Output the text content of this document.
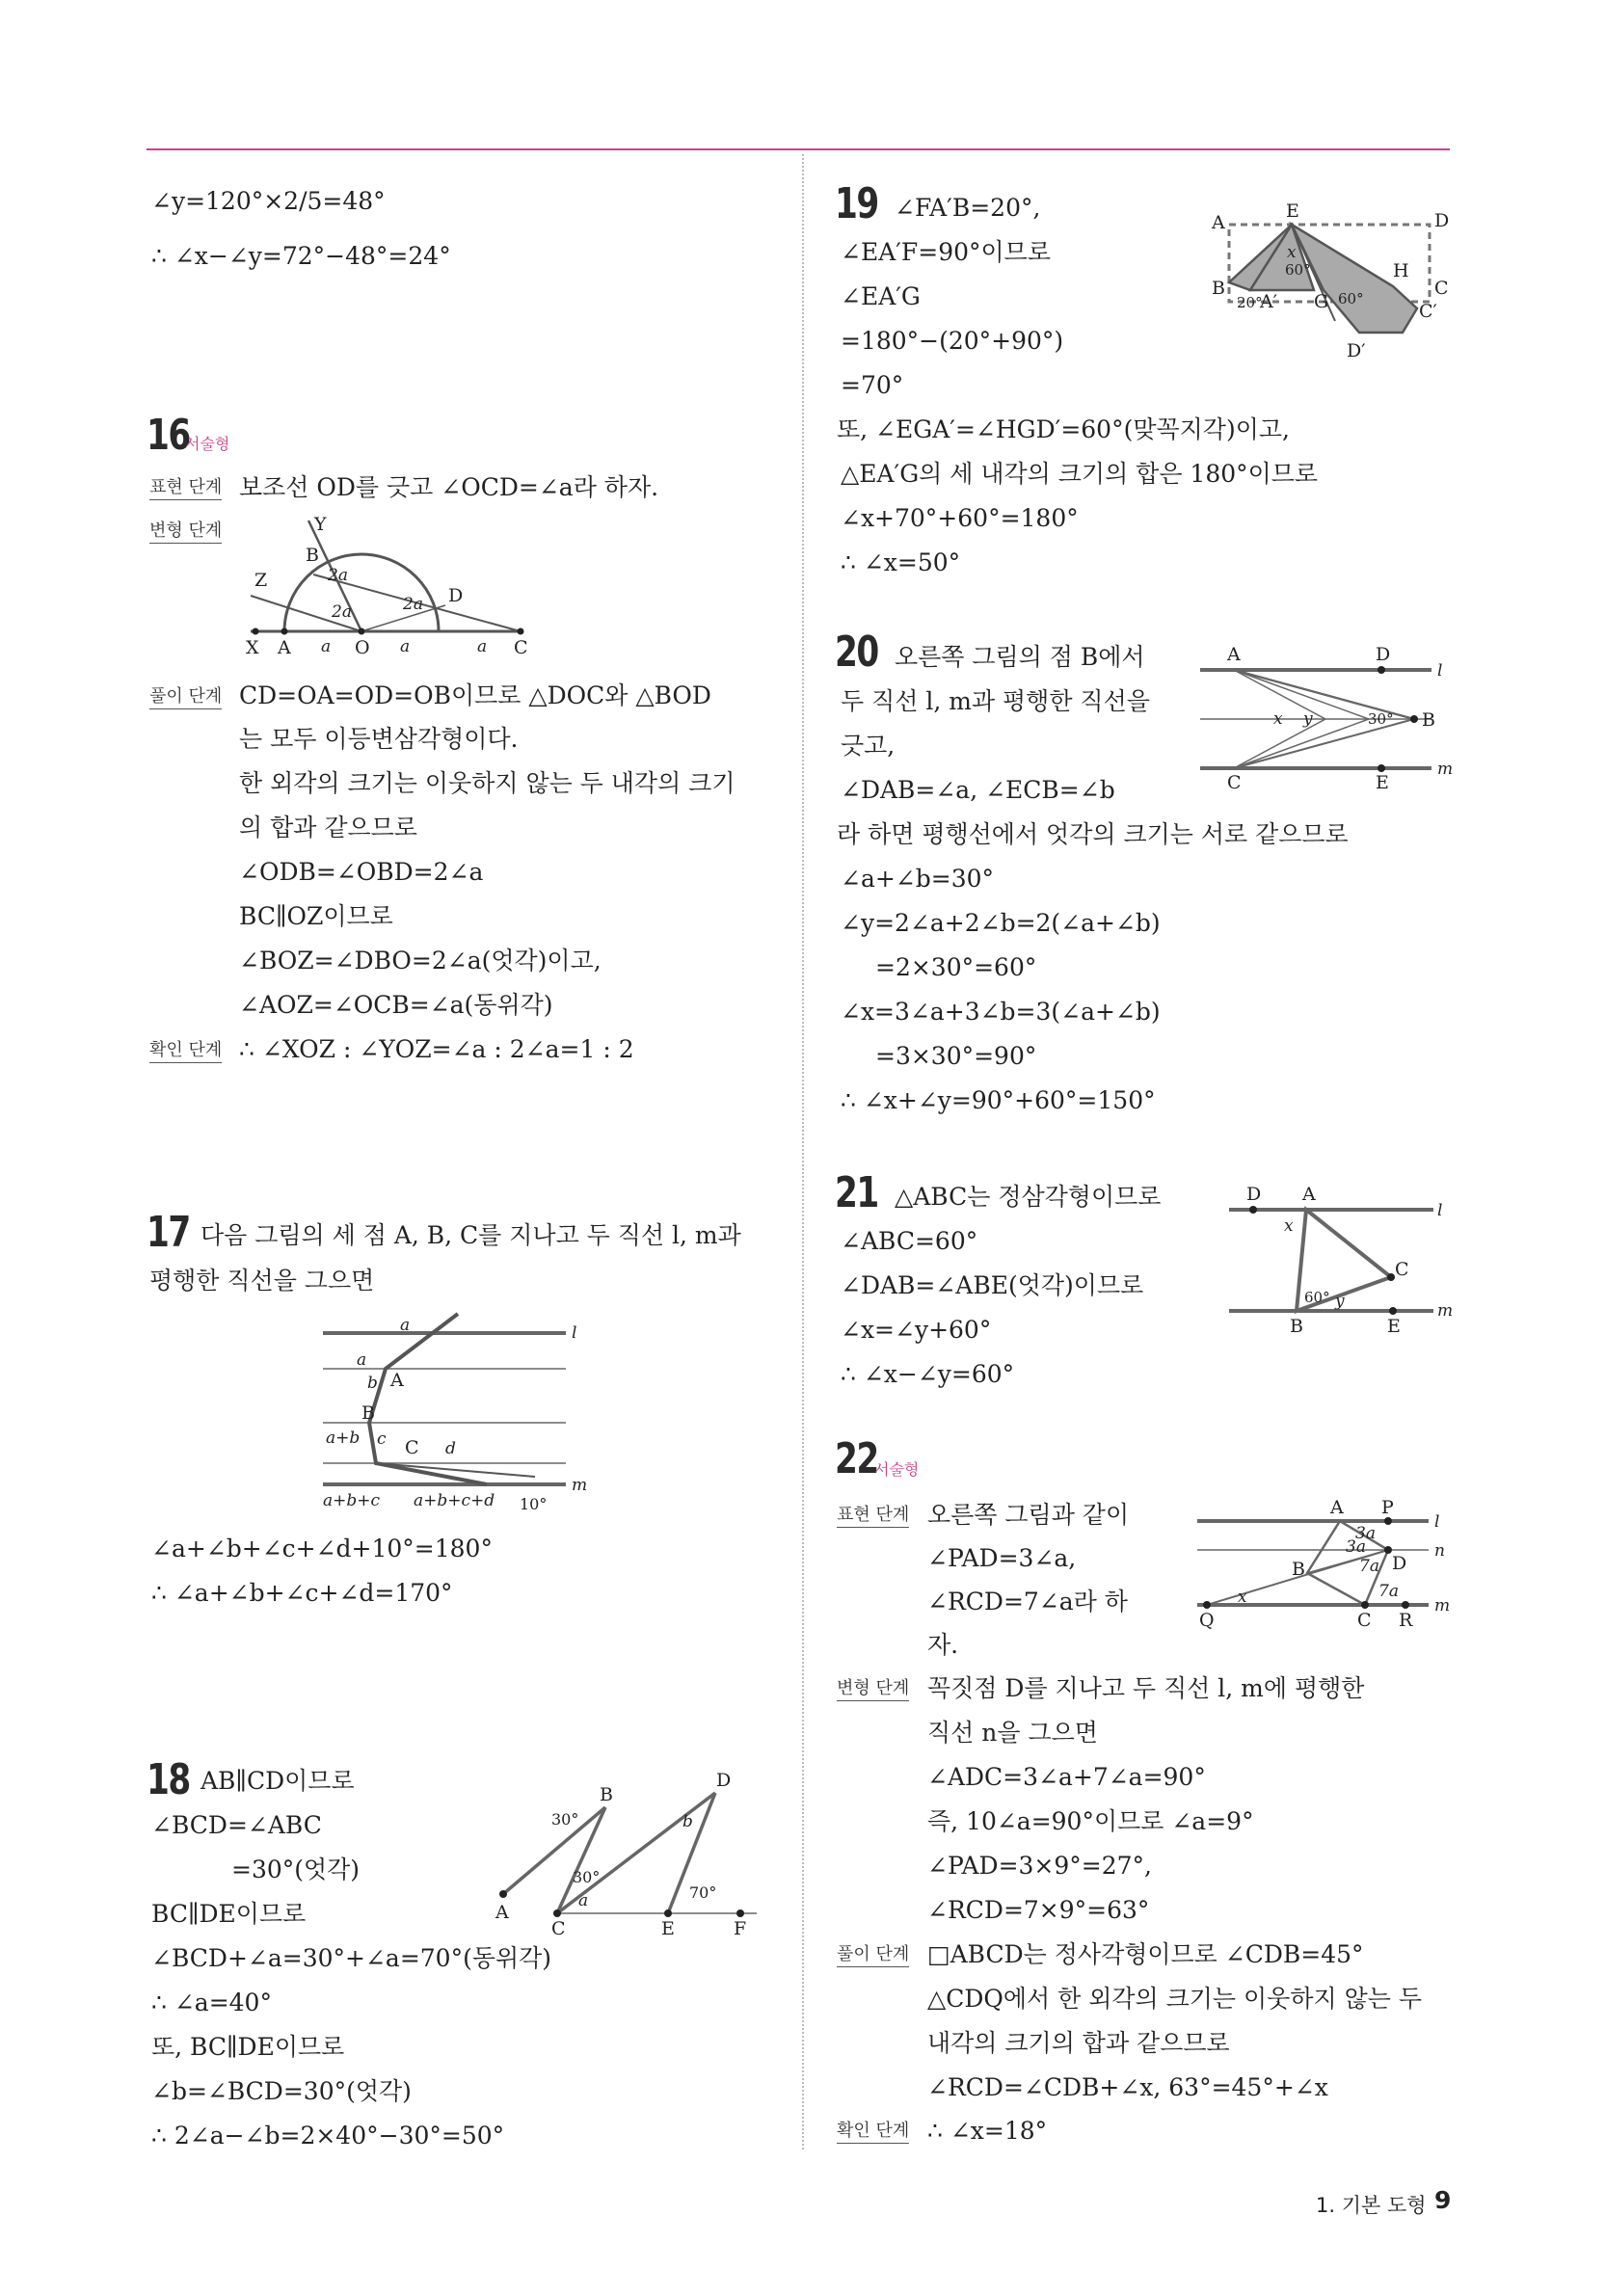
∠y=120°×2/5=48°
∴ ∠x−∠y=72°−48°=24°
16
서술형
표현 단계 보조선 OD를 긋고 ∠OCD=∠a라 하자.
변형 단계	Y
B
Z
D
X A	O	C
2a
2a	2a
a	a	a
풀이 단계 CD=OA=OD=OB이므로 △DOC와 △BOD
는 모두 이등변삼각형이다.
한 외각의 크기는 이웃하지 않는 두 내각의 크기
의 합과 같으므로
∠ODB=∠OBD=2∠a
BC∥OZ이므로
∠BOZ=∠DBO=2∠a(엇각)이고,
∠AOZ=∠OCB=∠a(동위각)
확인 단계 ∴ ∠XOZ : ∠YOZ=∠a : 2∠a=1 : 2
17 다음 그림의 세 점 A, B, C를 지나고 두 직선 l, m과
평행한 직선을 그으면
a
a
A
b
B
a+b c C d
a+b+c a+b+c+d 10°
l
m
∠a+∠b+∠c+∠d+10°=180°
∴ ∠a+∠b+∠c+∠d=170°
18 AB∥CD이므로
∠BCD=∠ABC
=30°(엇각)
BC∥DE이므로
∠BCD+∠a=30°+∠a=70°(동위각)
∴ ∠a=40°
또, BC∥DE이므로
∠b=∠BCD=30°(엇각)
∴ 2∠a−∠b=2×40°−30°=50°
A
B
C
D
E	F
30°
30°
a
b
70°
19 ∠FA′B=20°,
∠EA′F=90°이므로
∠EA′G
=180°−(20°+90°)
=70°
또, ∠EGA′=∠HGD′=60°(맞꼭지각)이고,
△EA′G의 세 내각의 크기의 합은 180°이므로
∠x+70°+60°=180°
∴ ∠x=50°
A
E	D
B
H
C
C′
G
A′
D′
x
60°
60°
20°
20 오른쪽 그림의 점 B에서
두 직선 l, m과 평행한 직선을
긋고,
∠DAB=∠a, ∠ECB=∠b
라 하면 평행선에서 엇각의 크기는 서로 같으므로
∠a+∠b=30°
∠y=2∠a+2∠b=2(∠a+∠b)
=2×30°=60°
∠x=3∠a+3∠b=3(∠a+∠b)
=3×30°=90°
∴ ∠x+∠y=90°+60°=150°
A	D
l
B
C	E
m
x y	30°
21 △ABC는 정삼각형이므로
∠ABC=60°
∠DAB=∠ABE(엇각)이므로
∠x=∠y+60°
∴ ∠x−∠y=60°
D A
l
x
C
60° y
B	E
m
22
서술형
표현 단계 오른쪽 그림과 같이
∠PAD=3∠a,
∠RCD=7∠a라 하
자.
변형 단계 꼭짓점 D를 지나고 두 직선 l, m에 평행한
직선 n을 그으면
∠ADC=3∠a+7∠a=90°
즉, 10∠a=90°이므로 ∠a=9°
∠PAD=3×9°=27°,
∠RCD=7×9°=63°
풀이 단계 □ABCD는 정사각형이므로 ∠CDB=45°
△CDQ에서 한 외각의 크기는 이웃하지 않는 두
내각의 크기의 합과 같으므로
∠RCD=∠CDB+∠x, 63°=45°+∠x
확인 단계 ∴ ∠x=18°
A P
l
n
m
B	D
Q	C R
3a
3a
7a
7a
x
1. 기본 도형 9
